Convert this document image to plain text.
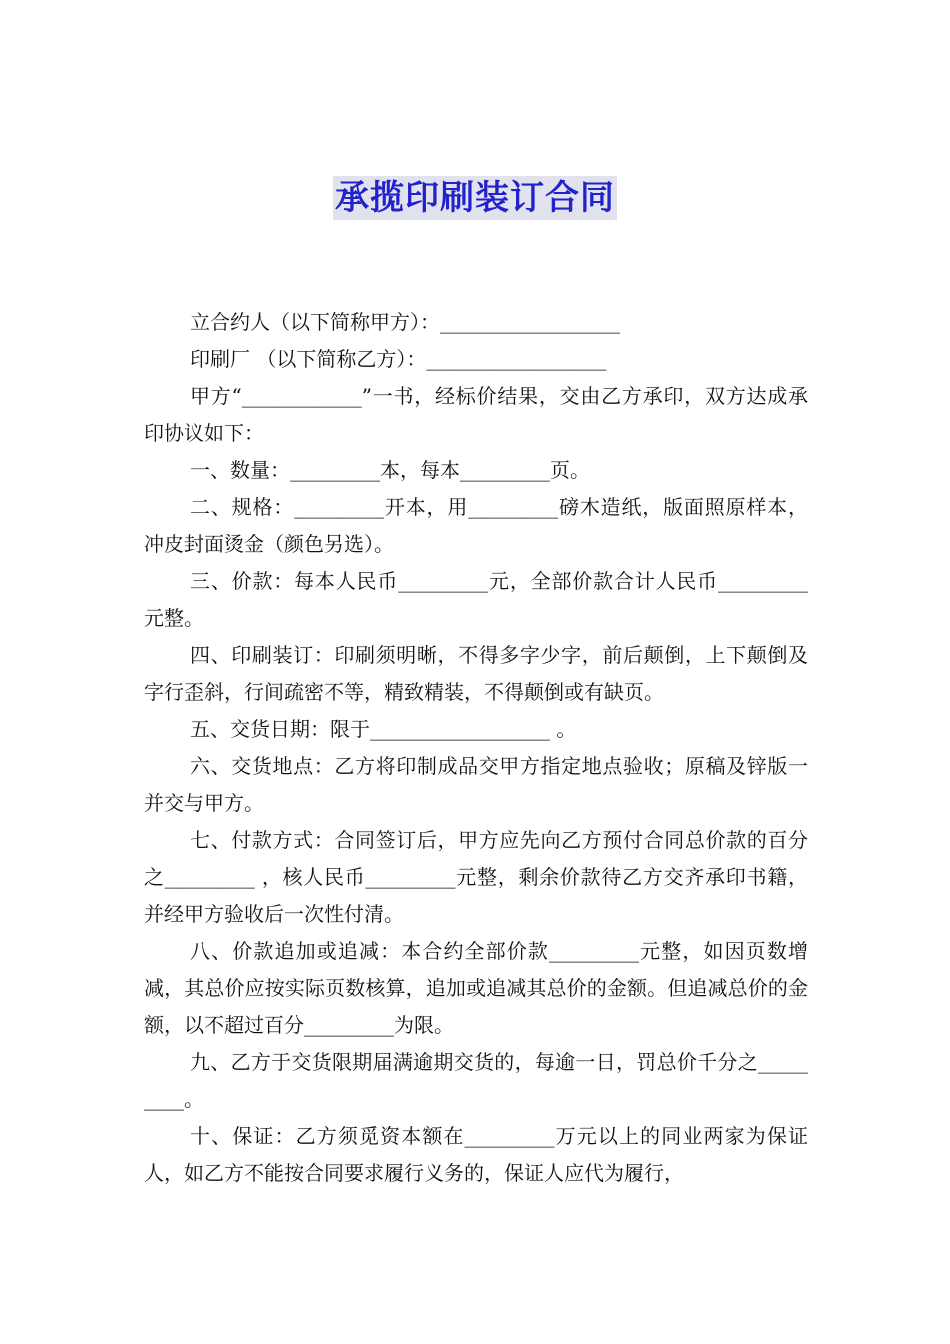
承揽印刷装订合同

立合约人（以下简称甲方）：__________________

印刷厂 （以下简称乙方）：__________________

甲方“____________”一书，经标价结果，交由乙方承印，双方达成承印协议如下：

一、数量：_________本，每本_________页。

二、规格：_________开本，用_________磅木造纸，版面照原样本，冲皮封面烫金（颜色另选）。

三、价款：每本人民币_________元，全部价款合计人民币_________元整。

四、印刷装订：印刷须明晰，不得多字少字，前后颠倒，上下颠倒及字行歪斜，行间疏密不等，精致精装，不得颠倒或有缺页。

五、交货日期：限于__________________ 。

六、交货地点：乙方将印制成品交甲方指定地点验收；原稿及锌版一并交与甲方。

七、付款方式：合同签订后，甲方应先向乙方预付合同总价款的百分之_________ ，核人民币_________元整，剩余价款待乙方交齐承印书籍，并经甲方验收后一次性付清。

八、价款追加或追减：本合约全部价款_________元整，如因页数增减，其总价应按实际页数核算，追加或追减其总价的金额。但追减总价的金额，以不超过百分_________为限。

九、乙方于交货限期届满逾期交货的，每逾一日，罚总价千分之_________。

十、保证：乙方须觅资本额在_________万元以上的同业两家为保证人，如乙方不能按合同要求履行义务的，保证人应代为履行，
